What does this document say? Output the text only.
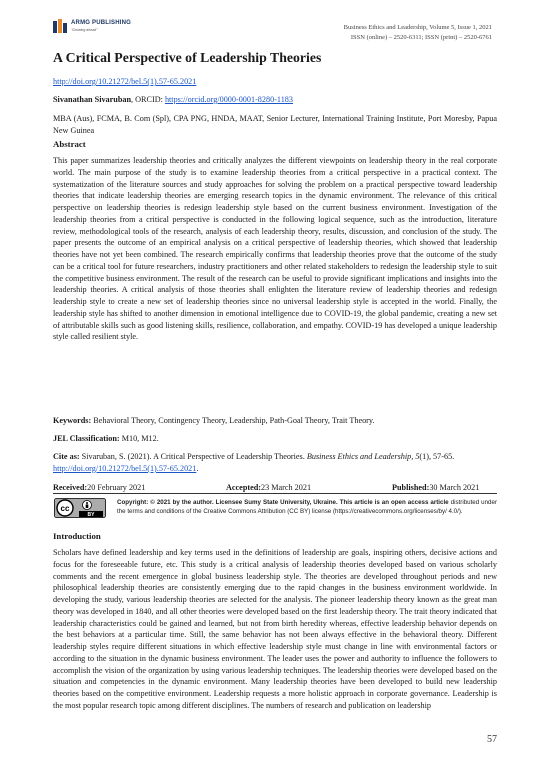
ARMG PUBLISHING
"Growing ahead"	Business Ethics and Leadership, Volume 5, Issue 1, 2021
ISSN (online) – 2520-6311; ISSN (print) – 2520-6761
A Critical Perspective of Leadership Theories
http://doi.org/10.21272/bel.5(1).57-65.2021
Sivanathan Sivaruban, ORCID: https://orcid.org/0000-0001-8280-1183
MBA (Aus), FCMA, B. Com (Spl), CPA PNG, HNDA, MAAT, Senior Lecturer, International Training Institute, Port Moresby, Papua New Guinea
Abstract
This paper summarizes leadership theories and critically analyzes the different viewpoints on leadership theory in the real corporate world. The main purpose of the study is to examine leadership theories from a critical perspective in a practical context. The systematization of the literature sources and study approaches for solving the problem on a practical perspective toward leadership theories that indicate leadership theories are emerging research topics in the dynamic environment. The relevance of this critical perspective on leadership theories is redesign leadership style based on the current business environment. Investigation of the leadership theories from a critical perspective is conducted in the following logical sequence, such as the introduction, literature review, methodological tools of the research, analysis of each leadership theory, results, discussion, and conclusion of the study. The paper presents the outcome of an empirical analysis on a critical perspective of leadership theories, which showed that leadership theories have not yet been combined. The research empirically confirms that leadership theories prove that the outcome of the study can be a critical tool for future researchers, industry practitioners and other related stakeholders to redesign the leadership style to suit the competitive business environment. The result of the research can be useful to provide significant implications and insights into the leadership theories. A critical analysis of those theories shall enlighten the literature review of leadership theories and redesign leadership style to create a new set of leadership theories since no universal leadership style is accepted in the world. Finally, the leadership style has shifted to another dimension in emotional intelligence due to COVID-19, the global pandemic, creating a new set of attributable skills such as good listening skills, resilience, collaboration, and empathy. COVID-19 has developed a unique leadership style called resilient style.
Keywords: Behavioral Theory, Contingency Theory, Leadership, Path-Goal Theory, Trait Theory.
JEL Classification: M10, M12.
Cite as: Sivaruban, S. (2021). A Critical Perspective of Leadership Theories. Business Ethics and Leadership, 5(1), 57-65. http://doi.org/10.21272/bel.5(1).57-65.2021.
Received: 20 February 2021	Accepted: 23 March 2021	Published: 30 March 2021
cc
BY
Copyright: © 2021 by the author. Licensee Sumy State University, Ukraine. This article is an open access article distributed under the terms and conditions of the Creative Commons Attribution (CC BY) license (https://creativecommons.org/licenses/by/ 4.0/).
Introduction
Scholars have defined leadership and key terms used in the definitions of leadership are goals, inspiring others, decisive actions and focus for the foreseeable future, etc. This study is a critical analysis of leadership theories developed based on various scholarly comments and the recent emergence in global business leadership style. The theories are developed throughout periods and new philosophical leadership theories are consistently emerging due to the rapid changes in the business environment worldwide. In developing the study, various leadership theories are selected for the analysis. The pioneer leadership theory known as the great man theory was developed in 1840, and all other theories were developed based on the first leadership theory. The trait theory indicated that leadership characteristics could be gained and learned, but not from birth heredity whereas, effective leadership behavior depends on the best behaviors at a particular time. Still, the same behavior has not been always effective in the behavioral theory. Different leadership styles require different situations in which effective leadership style must change in line with environmental factors or according to the situation in the dynamic business environment. The leader uses the power and authority to influence the followers to accomplish the vision of the organization by using various leadership techniques. The leadership theories were developed based on the situation and competencies in the dynamic environment. Many leadership theories have been developed to build new leadership theories based on the competitive environment. Leadership requests a more holistic approach in corporate governance. Leadership is the most popular research topic among different disciplines. The numbers of research and publication on leadership
57
